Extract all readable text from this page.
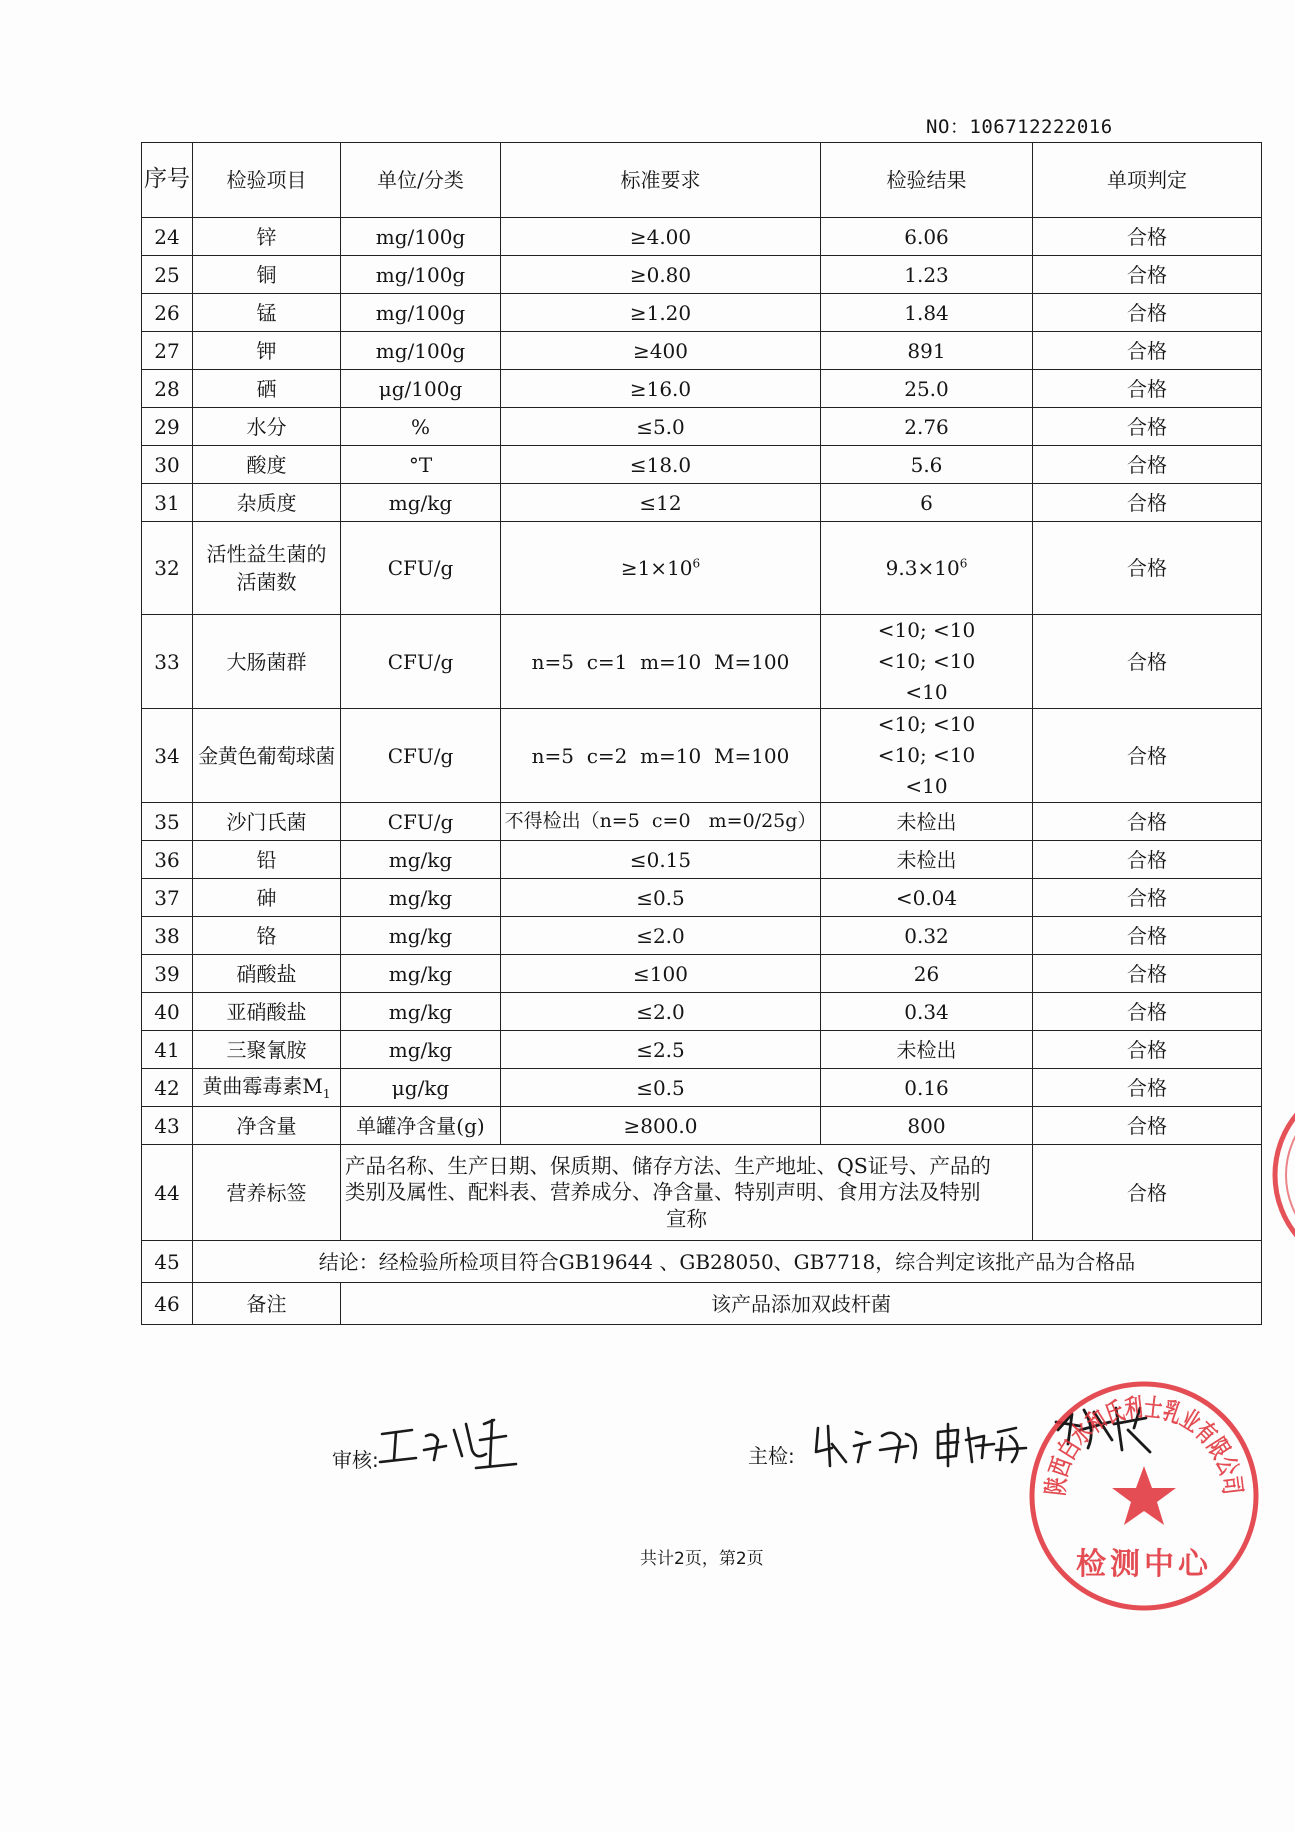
NO：106712222016
序号	检验项目	单位/分类	标准要求	检验结果	单项判定
24	锌	mg/100g	≥4.00	6.06	合格
25	铜	mg/100g	≥0.80	1.23	合格
26	锰	mg/100g	≥1.20	1.84	合格
27	钾	mg/100g	≥400	891	合格
28	硒	μg/100g	≥16.0	25.0	合格
29	水分	%	≤5.0	2.76	合格
30	酸度	°T	≤18.0	5.6	合格
31	杂质度	mg/kg	≤12	6	合格
32	活性益生菌的
活菌数	CFU/g	$\ge 1\times 10^6$	$9.3\times 10^6$	合格
33	大肠菌群	CFU/g	n=5  c=1  m=10  M=100	<10; <10
<10; <10
<10	合格
34	金黄色葡萄球菌	CFU/g	n=5  c=2  m=10  M=100	<10; <10
<10; <10
<10	合格
35	沙门氏菌	CFU/g	不得检出（n=5  c=0   m=0/25g）	未检出	合格
36	铅	mg/kg	≤0.15	未检出	合格
37	砷	mg/kg	≤0.5	<0.04	合格
38	铬	mg/kg	≤2.0	0.32	合格
39	硝酸盐	mg/kg	≤100	26	合格
40	亚硝酸盐	mg/kg	≤2.0	0.34	合格
41	三聚氰胺	mg/kg	≤2.5	未检出	合格
42	黄曲霉毒素$M_1$	μg/kg	≤0.5	0.16	合格
43	净含量	单罐净含量(g)	≥800.0	800	合格
44	营养标签	产品名称、生产日期、保质期、储存方法、生产地址、QS证号、产品的
类别及属性、配料表、营养成分、净含量、特别声明、食用方法及特别
宣称			合格
45	结论：经检验所检项目符合GB19644 、GB28050、GB7718，综合判定该批产品为合格品				
46	备注	该产品添加双歧杆菌			
审核:	主检:
陕西白水和氏利士乳业有限公司
检测中心
共计2页，第2页
